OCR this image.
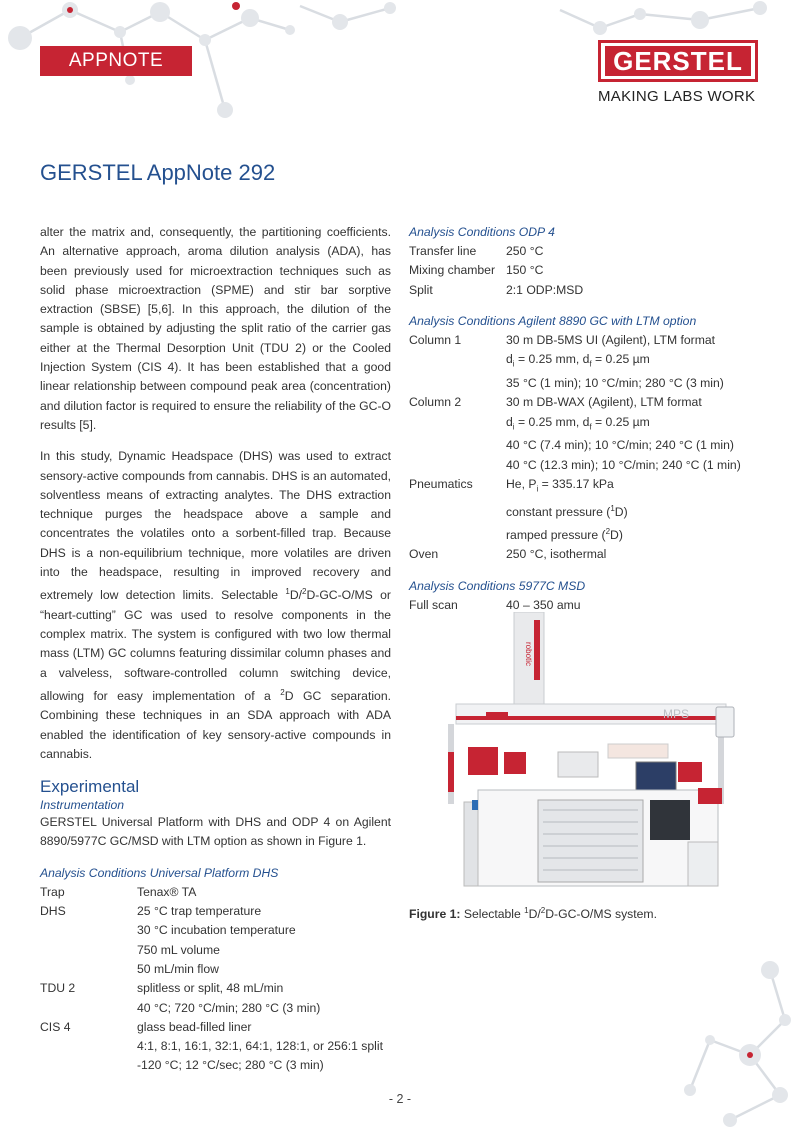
APPNOTE	GERSTEL
MAKING LABS WORK
GERSTEL AppNote 292

alter the matrix and, consequently, the partitioning coefficients. An alternative approach, aroma dilution analysis (ADA), has been previously used for microextraction techniques such as solid phase microextraction (SPME) and stir bar sorptive extraction (SBSE) [5,6]. In this approach, the dilution of the sample is obtained by adjusting the split ratio of the carrier gas either at the Thermal Desorption Unit (TDU 2) or the Cooled Injection System (CIS 4). It has been established that a good linear relationship between compound peak area (concentration) and dilution factor is required to ensure the reliability of the GC-O results [5].

In this study, Dynamic Headspace (DHS) was used to extract sensory-active compounds from cannabis. DHS is an automated, solventless means of extracting analytes. The DHS extraction technique purges the headspace above a sample and concentrates the volatiles onto a sorbent-filled trap. Because DHS is a non-equilibrium technique, more volatiles are driven into the headspace, resulting in improved recovery and extremely low detection limits. Selectable $^1$D/$^2$D-GC-O/MS or “heart-cutting” GC was used to resolve components in the complex matrix. The system is configured with two low thermal mass (LTM) GC columns featuring dissimilar column phases and a valveless, software-controlled column switching device, allowing for easy implementation of a $^2$D GC separation. Combining these techniques in an SDA approach with ADA enabled the identification of key sensory-active compounds in cannabis.

Experimental
Instrumentation

GERSTEL Universal Platform with DHS and ODP 4 on Agilent 8890/5977C GC/MSD with LTM option as shown in Figure 1.

Analysis Conditions Universal Platform DHS
Trap	Tenax® TA
DHS	25 °C trap temperature
30 °C incubation temperature
750 mL volume
50 mL/min flow
TDU 2	splitless or split, 48 mL/min
40 °C; 720 °C/min; 280 °C (3 min)
CIS 4	glass bead-filled liner
4:1, 8:1, 16:1, 32:1, 64:1, 128:1, or 256:1 split
-120 °C; 12 °C/sec; 280 °C (3 min)
Analysis Conditions ODP 4
Transfer line	250 °C
Mixing chamber 150 °C
Split	2:1 ODP:MSD
Analysis Conditions Agilent 8890 GC with LTM option
Column 1	30 m DB-5MS UI (Agilent), LTM format
$d_i = 0.25$ mm, $d_f = 0.25$ µm
35 °C (1 min); 10 °C/min; 280 °C (3 min)
Column 2	30 m DB-WAX (Agilent), LTM format
$d_i = 0.25$ mm, $d_f = 0.25$ µm
40 °C (7.4 min); 10 °C/min; 240 °C (1 min)
40 °C (12.3 min); 10 °C/min; 240 °C (1 min)
Pneumatics	He, $P_i = 335.17$ kPa
constant pressure ($^1$D)
ramped pressure ($^2$D)
Oven	250 °C, isothermal
Analysis Conditions 5977C MSD
Full scan	40 – 350 amu
robotic
MPS
Figure 1: Selectable $^1$D/$^2$D-GC-O/MS system.
- 2 -
